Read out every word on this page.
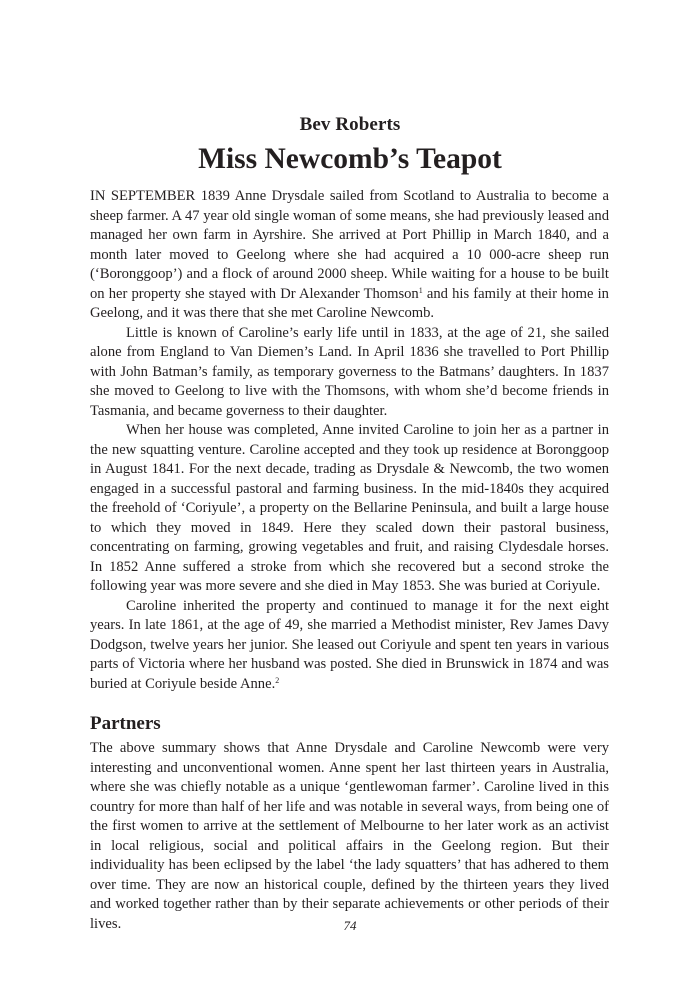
Bev Roberts
Miss Newcomb’s Teapot

IN SEPTEMBER 1839 Anne Drysdale sailed from Scotland to Australia to become a sheep farmer. A 47 year old single woman of some means, she had previously leased and managed her own farm in Ayrshire. She arrived at Port Phillip in March 1840, and a month later moved to Geelong where she had acquired a 10 000-acre sheep run (‘Boronggoop’) and a flock of around 2000 sheep. While waiting for a house to be built on her property she stayed with Dr Alexander Thomson$^1$ and his family at their home in Geelong, and it was there that she met Caroline Newcomb.

Little is known of Caroline’s early life until in 1833, at the age of 21, she sailed alone from England to Van Diemen’s Land. In April 1836 she travelled to Port Phillip with John Batman’s family, as temporary governess to the Batmans’ daughters. In 1837 she moved to Geelong to live with the Thomsons, with whom she’d become friends in Tasmania, and became governess to their daughter.

When her house was completed, Anne invited Caroline to join her as a partner in the new squatting venture. Caroline accepted and they took up residence at Boronggoop in August 1841. For the next decade, trading as Drysdale & Newcomb, the two women engaged in a successful pastoral and farming business. In the mid-1840s they acquired the freehold of ‘Coriyule’, a property on the Bellarine Peninsula, and built a large house to which they moved in 1849. Here they scaled down their pastoral business, concentrating on farming, growing vegetables and fruit, and raising Clydesdale horses. In 1852 Anne suffered a stroke from which she recovered but a second stroke the following year was more severe and she died in May 1853. She was buried at Coriyule.

Caroline inherited the property and continued to manage it for the next eight years. In late 1861, at the age of 49, she married a Methodist minister, Rev James Davy Dodgson, twelve years her junior. She leased out Coriyule and spent ten years in various parts of Victoria where her husband was posted. She died in Brunswick in 1874 and was buried at Coriyule beside Anne.$^2$

Partners

The above summary shows that Anne Drysdale and Caroline Newcomb were very interesting and unconventional women. Anne spent her last thirteen years in Australia, where she was chiefly notable as a unique ‘gentlewoman farmer’. Caroline lived in this country for more than half of her life and was notable in several ways, from being one of the first women to arrive at the settlement of Melbourne to her later work as an activist in local religious, social and political affairs in the Geelong region. But their individuality has been eclipsed by the label ‘the lady squatters’ that has adhered to them over time. They are now an historical couple, defined by the thirteen years they lived and worked together rather than by their separate achievements or other periods of their lives.	74
